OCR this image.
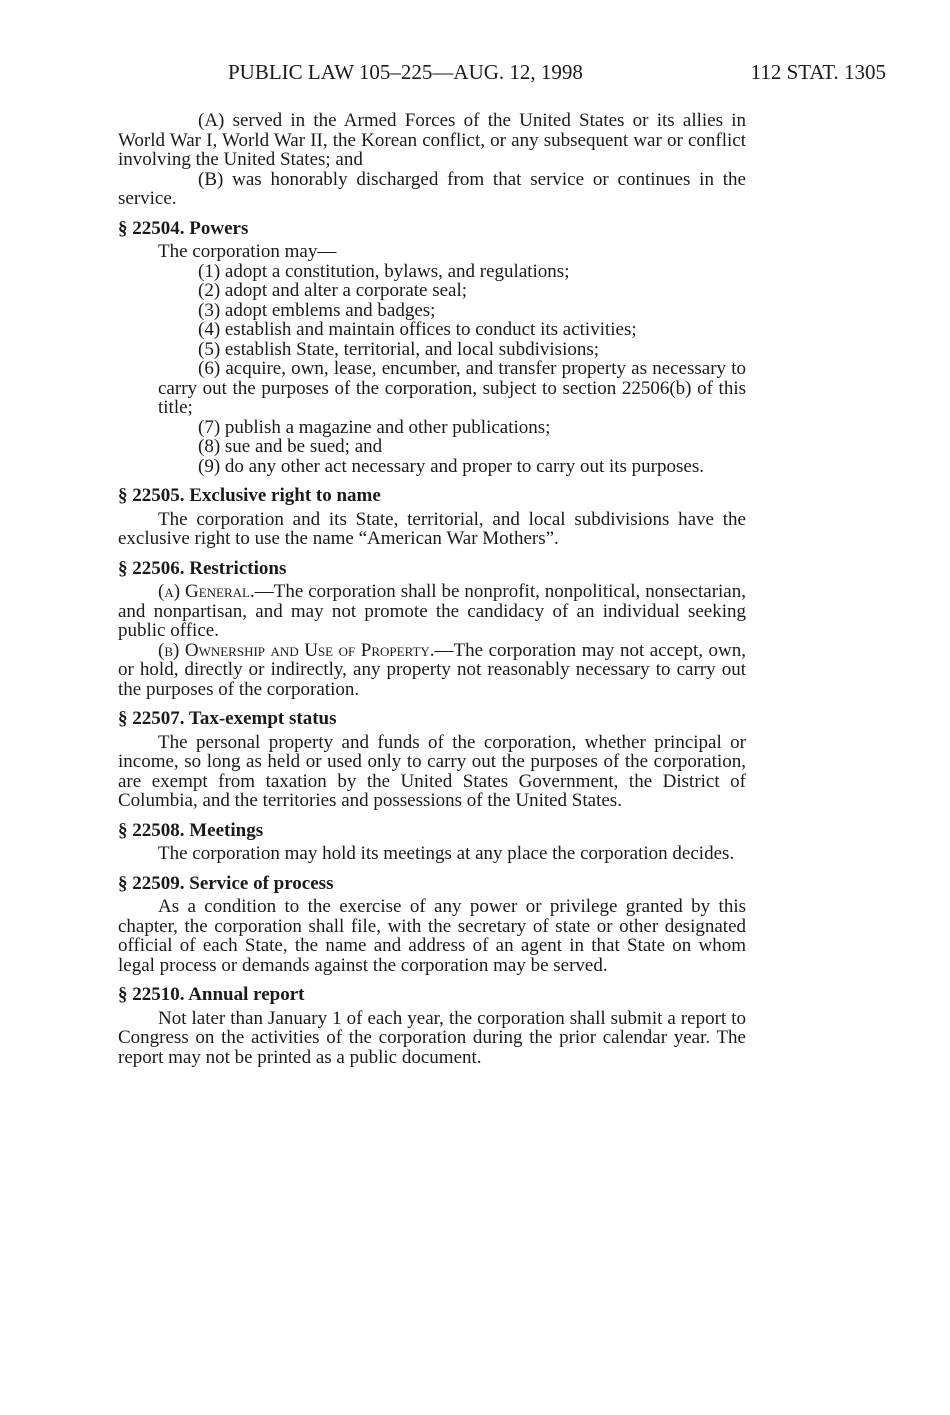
PUBLIC LAW 105–225—AUG. 12, 1998	112 STAT. 1305

(A) served in the Armed Forces of the United States or its allies in World War I, World War II, the Korean conflict, or any subsequent war or conflict involving the United States; and

(B) was honorably discharged from that service or continues in the service.

§ 22504. Powers

The corporation may—

(1) adopt a constitution, bylaws, and regulations;

(2) adopt and alter a corporate seal;

(3) adopt emblems and badges;

(4) establish and maintain offices to conduct its activities;

(5) establish State, territorial, and local subdivisions;

(6) acquire, own, lease, encumber, and transfer property as necessary to carry out the purposes of the corporation, subject to section 22506(b) of this title;

(7) publish a magazine and other publications;

(8) sue and be sued; and

(9) do any other act necessary and proper to carry out its purposes.

§ 22505. Exclusive right to name

The corporation and its State, territorial, and local subdivisions have the exclusive right to use the name “American War Mothers”.

§ 22506. Restrictions

(a) General.—The corporation shall be nonprofit, nonpolitical, nonsectarian, and nonpartisan, and may not promote the candidacy of an individual seeking public office.

(b) Ownership and Use of Property.—The corporation may not accept, own, or hold, directly or indirectly, any property not reasonably necessary to carry out the purposes of the corporation.

§ 22507. Tax-exempt status

The personal property and funds of the corporation, whether principal or income, so long as held or used only to carry out the purposes of the corporation, are exempt from taxation by the United States Government, the District of Columbia, and the territories and possessions of the United States.

§ 22508. Meetings

The corporation may hold its meetings at any place the corporation decides.

§ 22509. Service of process

As a condition to the exercise of any power or privilege granted by this chapter, the corporation shall file, with the secretary of state or other designated official of each State, the name and address of an agent in that State on whom legal process or demands against the corporation may be served.

§ 22510. Annual report

Not later than January 1 of each year, the corporation shall submit a report to Congress on the activities of the corporation during the prior calendar year. The report may not be printed as a public document.
